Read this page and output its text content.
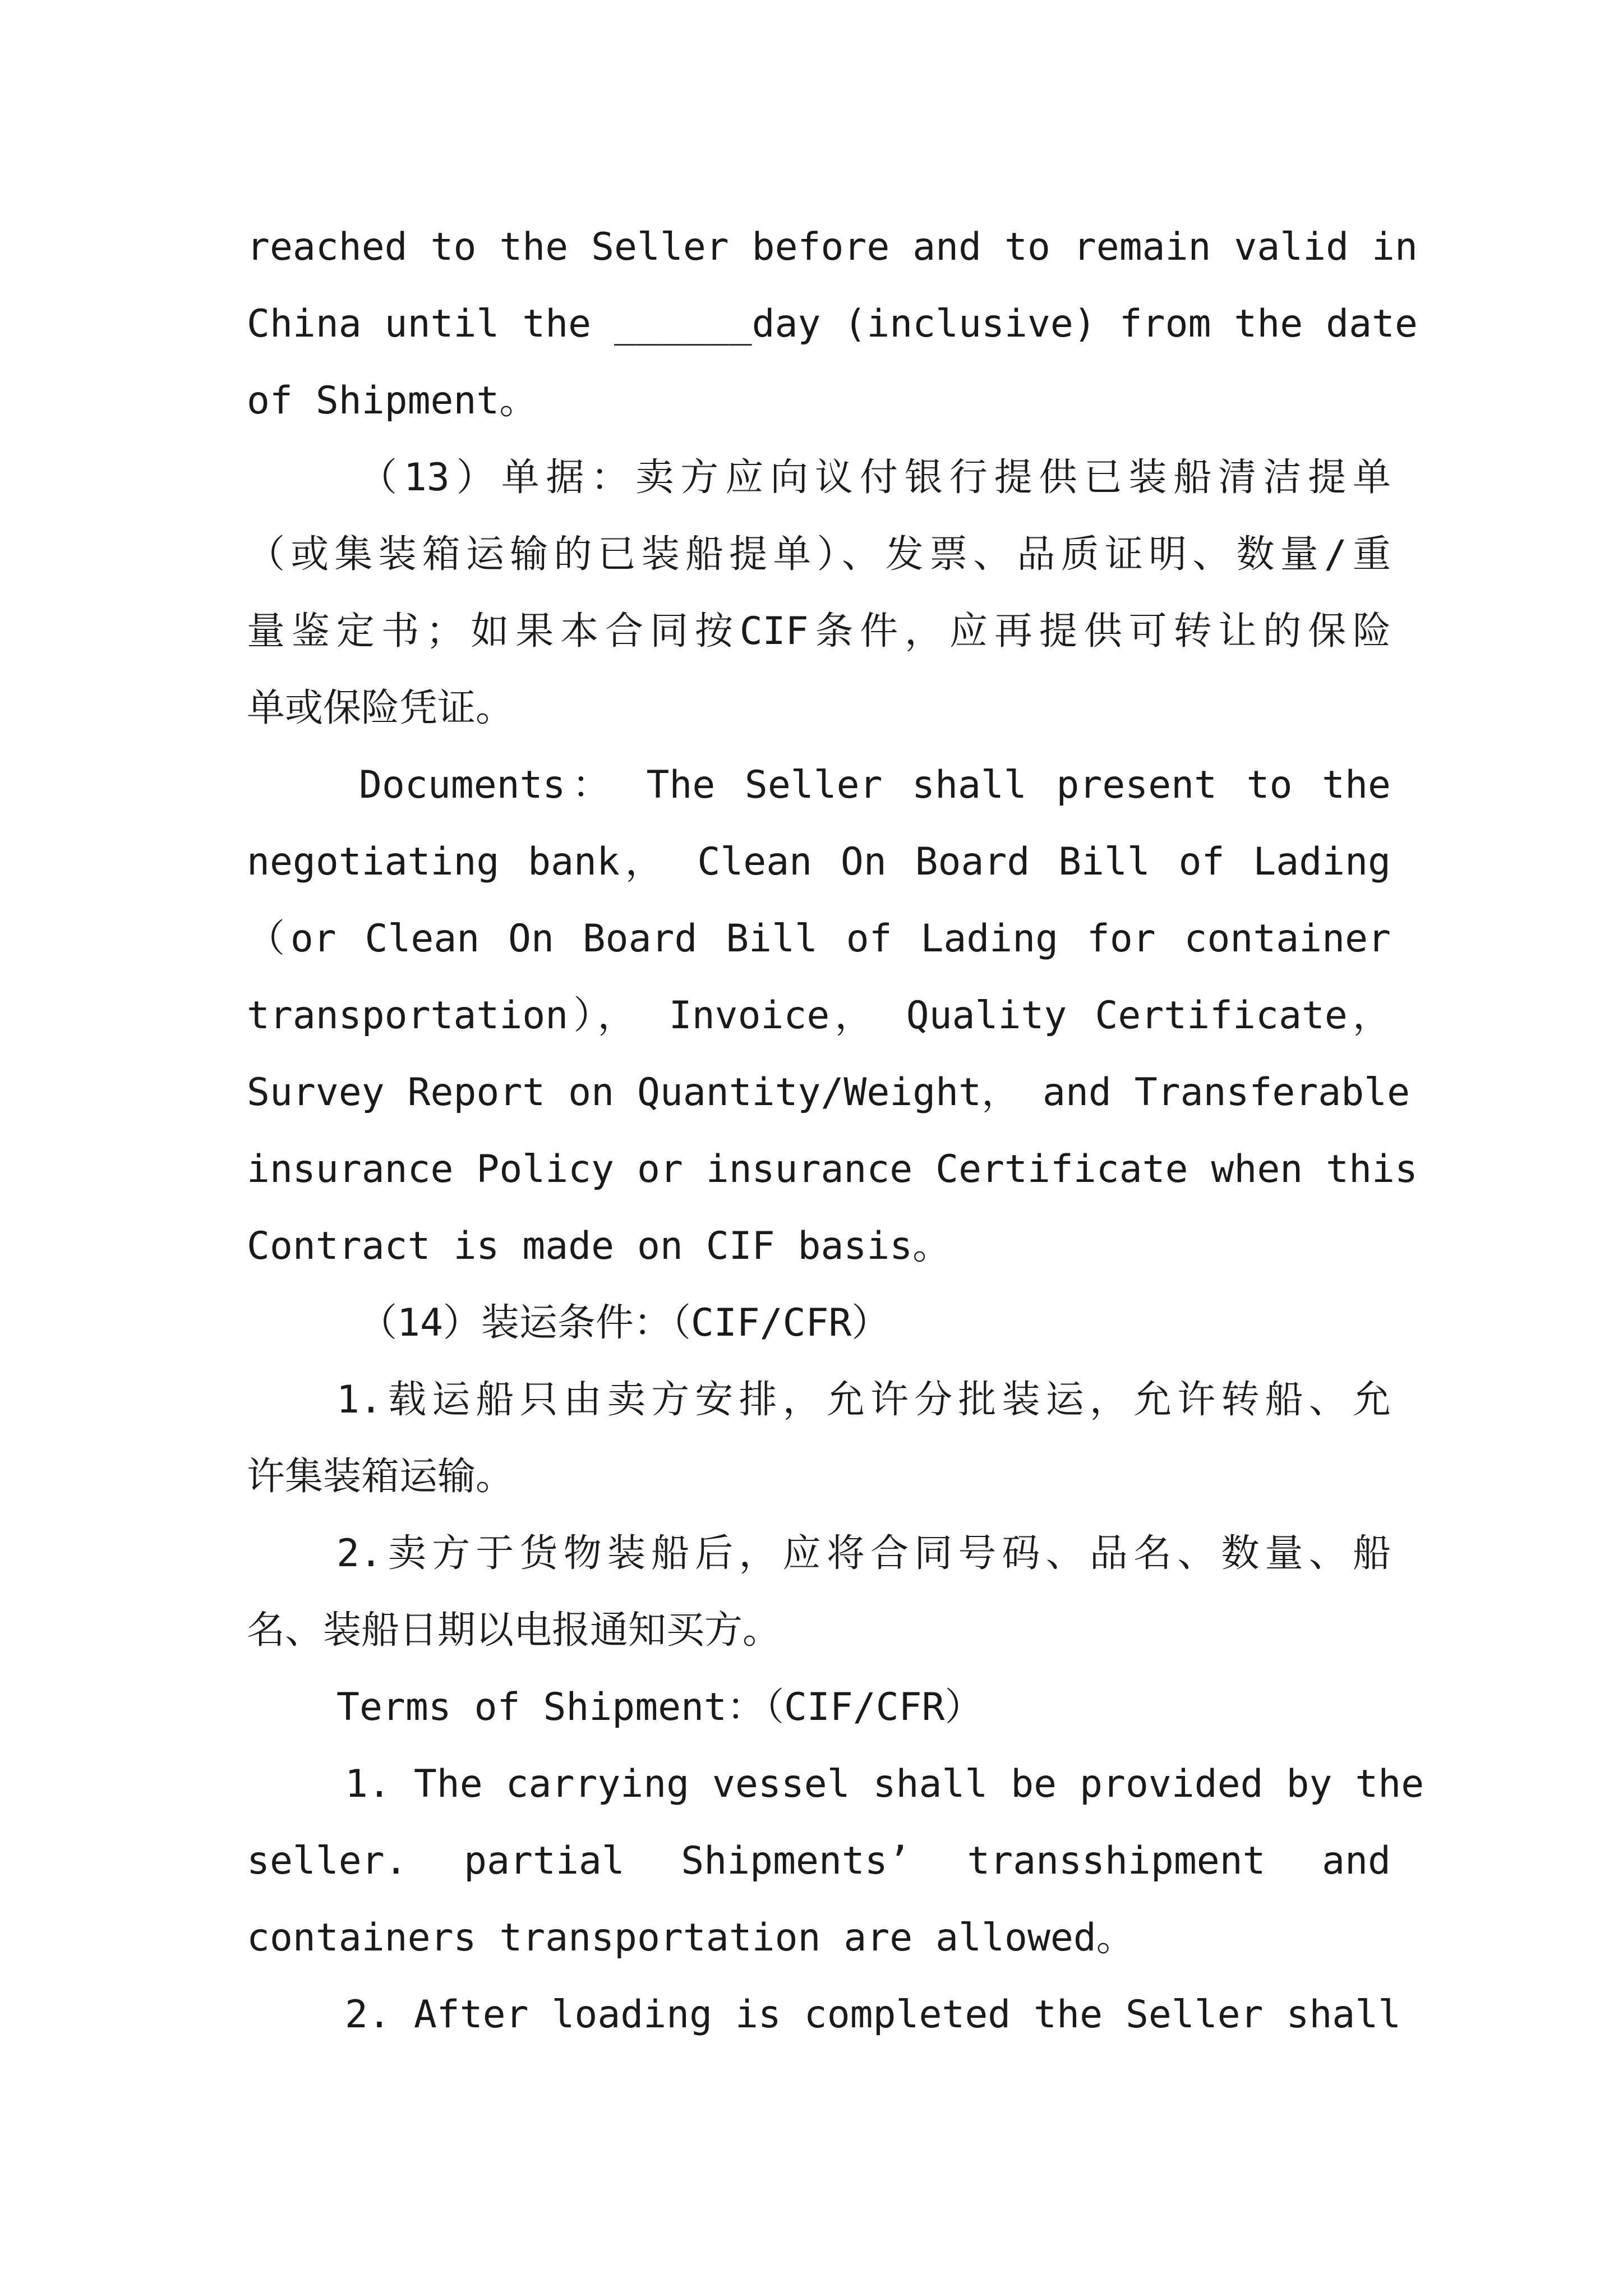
reached to the Seller before and to remain valid in
China until the ______day (inclusive) from the date
of Shipment。
（13）单据：卖方应向议付银行提供已装船清洁提单
（或集装箱运输的已装船提单）、发票、品质证明、数量/重
量鉴定书；如果本合同按CIF条件，应再提供可转让的保险
单或保险凭证。
Documents： The Seller shall present to the
negotiating bank， Clean On Board Bill of Lading
（or Clean On Board Bill of Lading for container
transportation）， Invoice， Quality Certificate，
Survey Report on Quantity/Weight， and Transferable
insurance Policy or insurance Certificate when this
Contract is made on CIF basis。
（14）装运条件：（CIF/CFR）
1.载运船只由卖方安排，允许分批装运，允许转船、允
许集装箱运输。
2.卖方于货物装船后，应将合同号码、品名、数量、船
名、装船日期以电报通知买方。
Terms of Shipment：（CIF/CFR）
1. The carrying vessel shall be provided by the
seller. partial Shipments’ transshipment and
containers transportation are allowed。
2. After loading is completed the Seller shall
